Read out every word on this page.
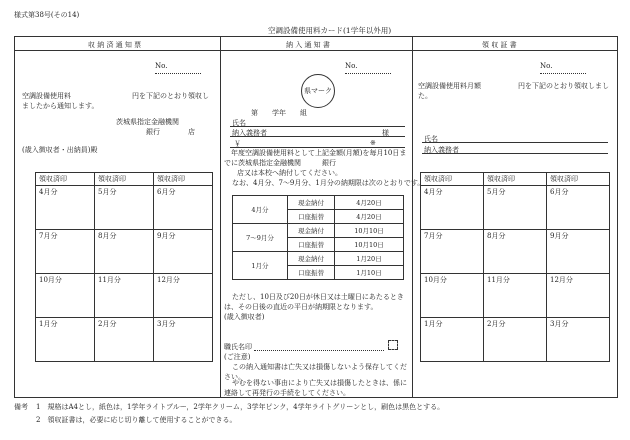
様式第38号(その14)
空調設備使用料カード(1学年以外用)
収 納 済 通 知 票	納 入 通 知 書	領 収 証 書
No.
空調設備使用料	円を下記のとおり領収しましたから通知します。
茨城県指定金融機関
銀行　　　　店
(歳入徴収者・出納員)殿
領収済印	領収済印	領収済印
4月分	5月分	6月分
7月分	8月分	9月分
10月分	11月分	12月分
1月分	2月分	3月分
No.
県マーク
第　　学年　　組
氏名
納入義務者	様
￥	※
　年度空調設備使用料として上記金額(月額)を毎月10日までに茨城県指定金融機関　　　銀行
　店又は本校へ納付してください。
なお、4月分、7～9月分、1月分の納期限は次のとおりです。
4月分	現金納付	4月20日
	口座振替	4月20日
7～9月分	現金納付	10月10日
	口座振替	10月10日
1月分	現金納付	1月20日
	口座振替	1月10日
ただし、10日及び20日が休日又は土曜日にあたるときは、その日後の直近の平日が納期限となります。
(歳入徴収者)
職氏名印
(ご注意)
この納入通知書は亡失又は損傷しないよう保存してください。
やむを得ない事由により亡失又は損傷したときは、係に連絡して再発行の手続をしてください。
No.
空調設備使用料月額	円を下記のとおり領収しました。
氏名
納入義務者
領収済印	領収済印	領収済印
4月分	5月分	6月分
7月分	8月分	9月分
10月分	11月分	12月分
1月分	2月分	3月分
備考 1　規格はA4とし，紙色は，1学年ライトブルー，2学年クリーム，3学年ピンク，4学年ライトグリーンとし，刷色は黒色とする。
2　領収証書は，必要に応じ切り離して使用することができる。
